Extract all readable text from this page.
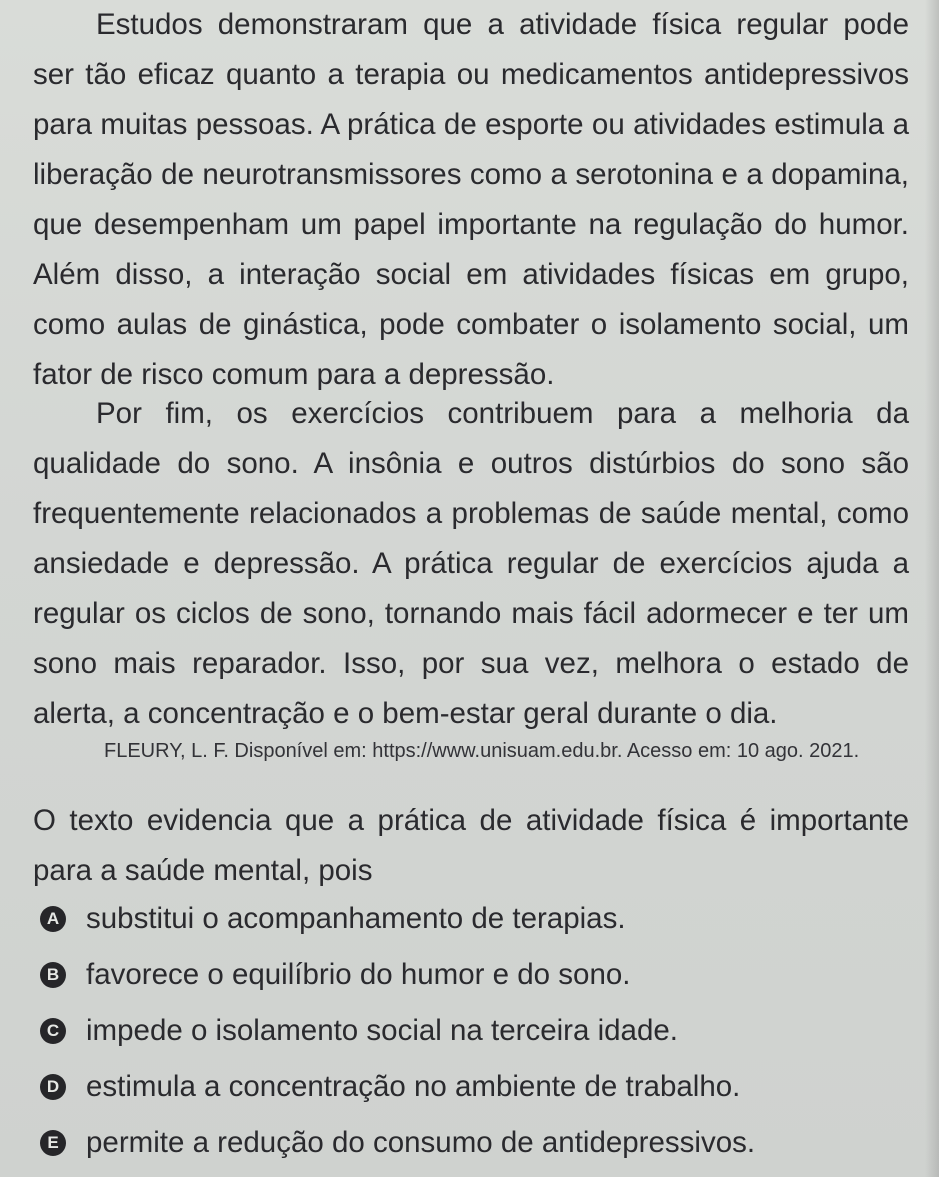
Estudos demonstraram que a atividade física regular pode ser tão eficaz quanto a terapia ou medicamentos antidepressivos para muitas pessoas. A prática de esporte ou atividades estimula a liberação de neurotransmissores como a serotonina e a dopamina, que desempenham um papel importante na regulação do humor. Além disso, a interação social em atividades físicas em grupo, como aulas de ginástica, pode combater o isolamento social, um fator de risco comum para a depressão.

Por fim, os exercícios contribuem para a melhoria da qualidade do sono. A insônia e outros distúrbios do sono são frequentemente relacionados a problemas de saúde mental, como ansiedade e depressão. A prática regular de exercícios ajuda a regular os ciclos de sono, tornando mais fácil adormecer e ter um sono mais reparador. Isso, por sua vez, melhora o estado de alerta, a concentração e o bem-estar geral durante o dia.

FLEURY, L. F. Disponível em: https://www.unisuam.edu.br. Acesso em: 10 ago. 2021.

O texto evidencia que a prática de atividade física é importante para a saúde mental, pois

A substitui o acompanhamento de terapias.
B favorece o equilíbrio do humor e do sono.
C impede o isolamento social na terceira idade.
D estimula a concentração no ambiente de trabalho.
E permite a redução do consumo de antidepressivos.
